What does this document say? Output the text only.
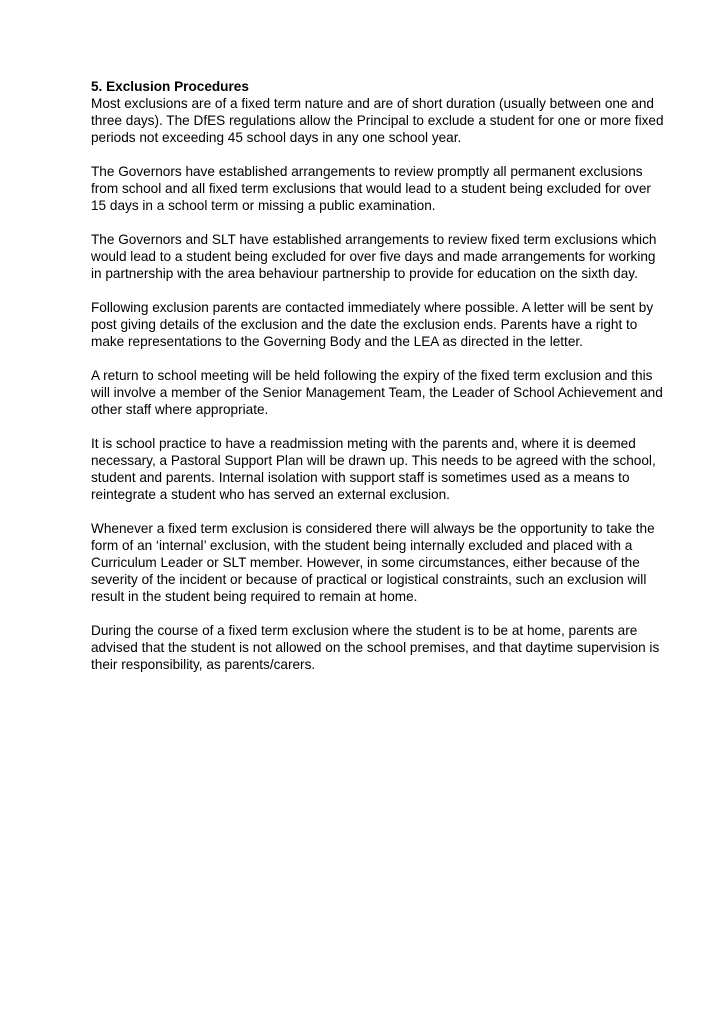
5. Exclusion Procedures

Most exclusions are of a fixed term nature and are of short duration (usually between one and three days). The DfES regulations allow the Principal to exclude a student for one or more fixed periods not exceeding 45 school days in any one school year.

The Governors have established arrangements to review promptly all permanent exclusions from school and all fixed term exclusions that would lead to a student being excluded for over 15 days in a school term or missing a public examination.

The Governors and SLT have established arrangements to review fixed term exclusions which would lead to a student being excluded for over five days and made arrangements for working in partnership with the area behaviour partnership to provide for education on the sixth day.

Following exclusion parents are contacted immediately where possible. A letter will be sent by post giving details of the exclusion and the date the exclusion ends. Parents have a right to make representations to the Governing Body and the LEA as directed in the letter.

A return to school meeting will be held following the expiry of the fixed term exclusion and this will involve a member of the Senior Management Team, the Leader of School Achievement and other staff where appropriate.

It is school practice to have a readmission meting with the parents and, where it is deemed necessary, a Pastoral Support Plan will be drawn up. This needs to be agreed with the school, student and parents. Internal isolation with support staff is sometimes used as a means to reintegrate a student who has served an external exclusion.

Whenever a fixed term exclusion is considered there will always be the opportunity to take the form of an ‘internal’ exclusion, with the student being internally excluded and placed with a Curriculum Leader or SLT member. However, in some circumstances, either because of the severity of the incident or because of practical or logistical constraints, such an exclusion will result in the student being required to remain at home.

During the course of a fixed term exclusion where the student is to be at home, parents are advised that the student is not allowed on the school premises, and that daytime supervision is their responsibility, as parents/carers.
